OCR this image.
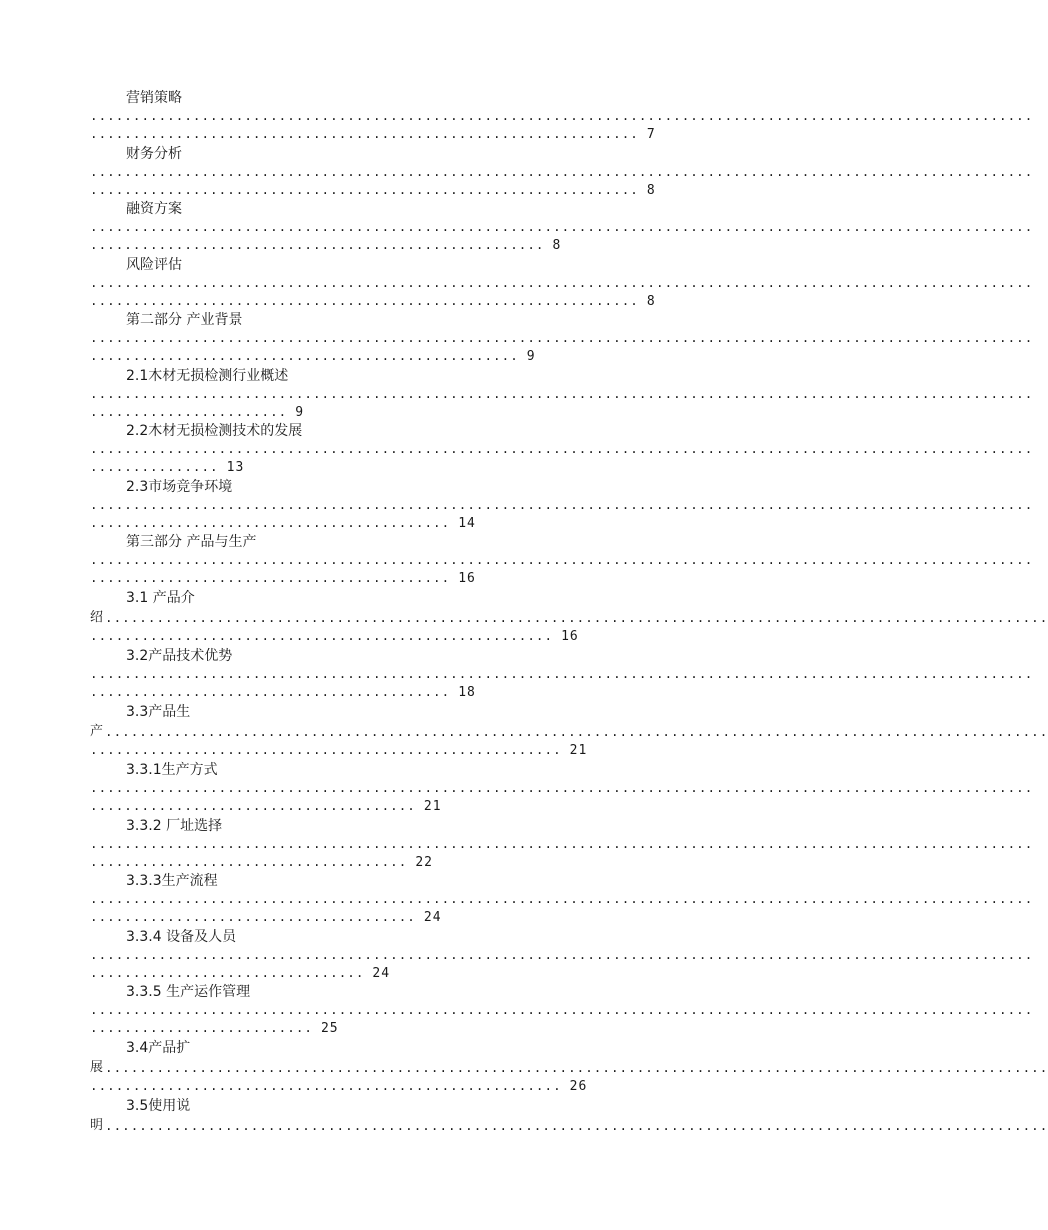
营销策略
..............................................................................................................
................................................................ 7
财务分析
..............................................................................................................
................................................................ 8
融资方案
..............................................................................................................
..................................................... 8
风险评估
..............................................................................................................
................................................................ 8
第二部分 产业背景
..............................................................................................................
.................................................. 9
2.1木材无损检测行业概述
..............................................................................................................
....................... 9
2.2木材无损检测技术的发展
..............................................................................................................
............... 13
2.3市场竞争环境
..............................................................................................................
.......................................... 14
第三部分 产品与生产
..............................................................................................................
.......................................... 16
3.1 产品介
绍 ..............................................................................................................
...................................................... 16
3.2产品技术优势
..............................................................................................................
.......................................... 18
3.3产品生
产 ..............................................................................................................
....................................................... 21
3.3.1生产方式
..............................................................................................................
...................................... 21
3.3.2 厂址选择
..............................................................................................................
..................................... 22
3.3.3生产流程
..............................................................................................................
...................................... 24
3.3.4 设备及人员
..............................................................................................................
................................ 24
3.3.5 生产运作管理
..............................................................................................................
.......................... 25
3.4产品扩
展 ..............................................................................................................
....................................................... 26
3.5使用说
明 ..............................................................................................................
